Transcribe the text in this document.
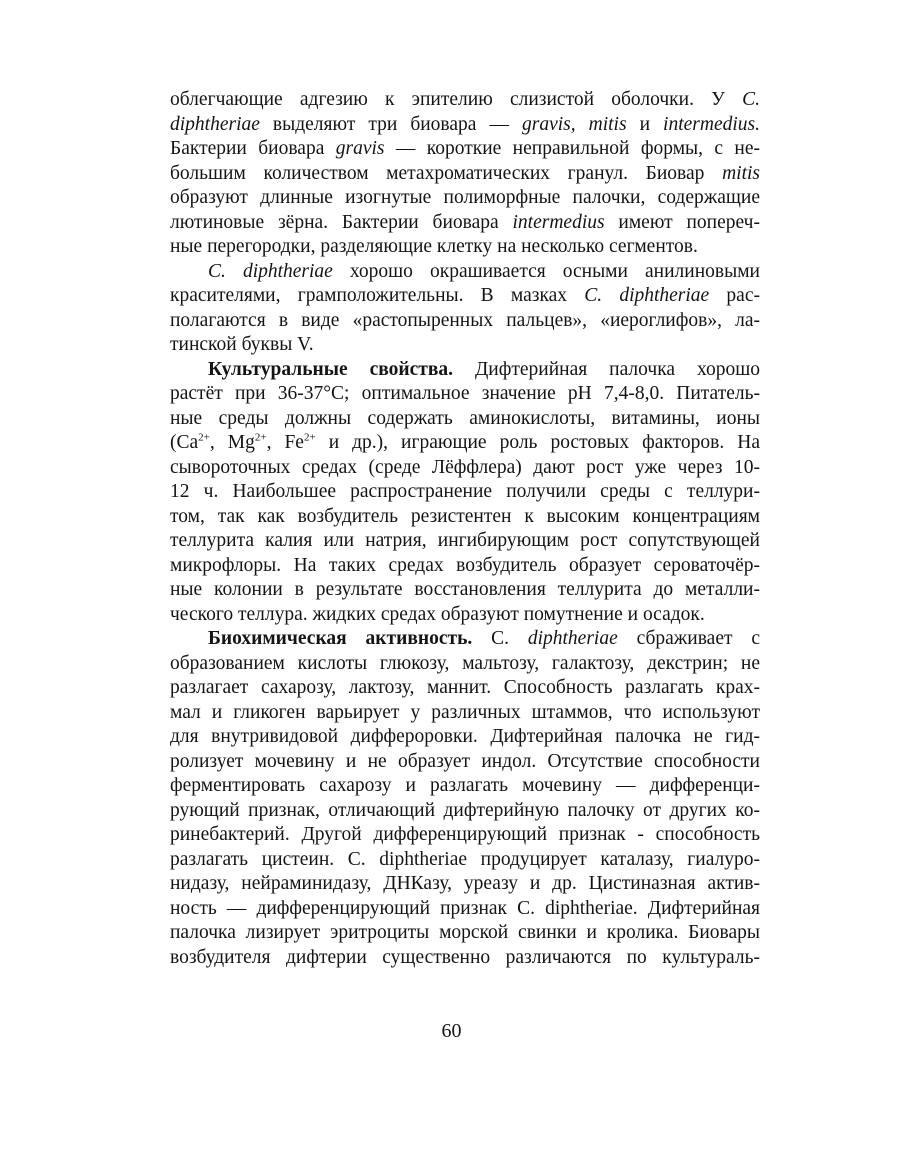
облегчающие адгезию к эпителию слизистой оболочки. У C.
diphtheriae выделяют три биовара — gravis, mitis и intermedius.
Бактерии биовара gravis — короткие неправильной формы, с не-
большим количеством метахроматических гранул. Биовар mitis
образуют длинные изогнутые полиморфные палочки, содержащие
лютиновые зёрна. Бактерии биовара intermedius имеют попереч-
ные перегородки, разделяющие клетку на несколько сегментов.
C. diphtheriae хорошо окрашивается осными анилиновыми
красителями, грамположительны. В мазках C. diphtheriae рас-
полагаются в виде «растопыренных пальцев», «иероглифов», ла-
тинской буквы V.
Культуральные свойства. Дифтерийная палочка хорошо
растёт при 36-37°C; оптимальное значение pH 7,4-8,0. Питатель-
ные среды должны содержать аминокислоты, витамины, ионы
($Ca^{2+}$, $Mg^{2+}$, $Fe^{2+}$ и др.), играющие роль ростовых факторов. На
сывороточных средах (среде Лёффлера) дают рост уже через 10-
12 ч. Наибольшее распространение получили среды с теллури-
том, так как возбудитель резистентен к высоким концентрациям
теллурита калия или натрия, ингибирующим рост сопутствующей
микрофлоры. На таких средах возбудитель образует сероваточёр-
ные колонии в результате восстановления теллурита до металли-
ческого теллура. жидких средах образуют помутнение и осадок.
Биохимическая активность. C. diphtheriae сбраживает с
образованием кислоты глюкозу, мальтозу, галактозу, декстрин; не
разлагает сахарозу, лактозу, маннит. Способность разлагать крах-
мал и гликоген варьирует у различных штаммов, что используют
для внутривидовой диффероровки. Дифтерийная палочка не гид-
ролизует мочевину и не образует индол. Отсутствие способности
ферментировать сахарозу и разлагать мочевину — дифференци-
рующий признак, отличающий дифтерийную палочку от других ко-
ринебактерий. Другой дифференцирующий признак - способность
разлагать цистеин. C. diphtheriae продуцирует каталазу, гиалуро-
нидазу, нейраминидазу, ДНКазу, уреазу и др. Цистиназная актив-
ность — дифференцирующий признак C. diphtheriae. Дифтерийная
палочка лизирует эритроциты морской свинки и кролика. Биовары
возбудителя дифтерии существенно различаются по культураль-
60
